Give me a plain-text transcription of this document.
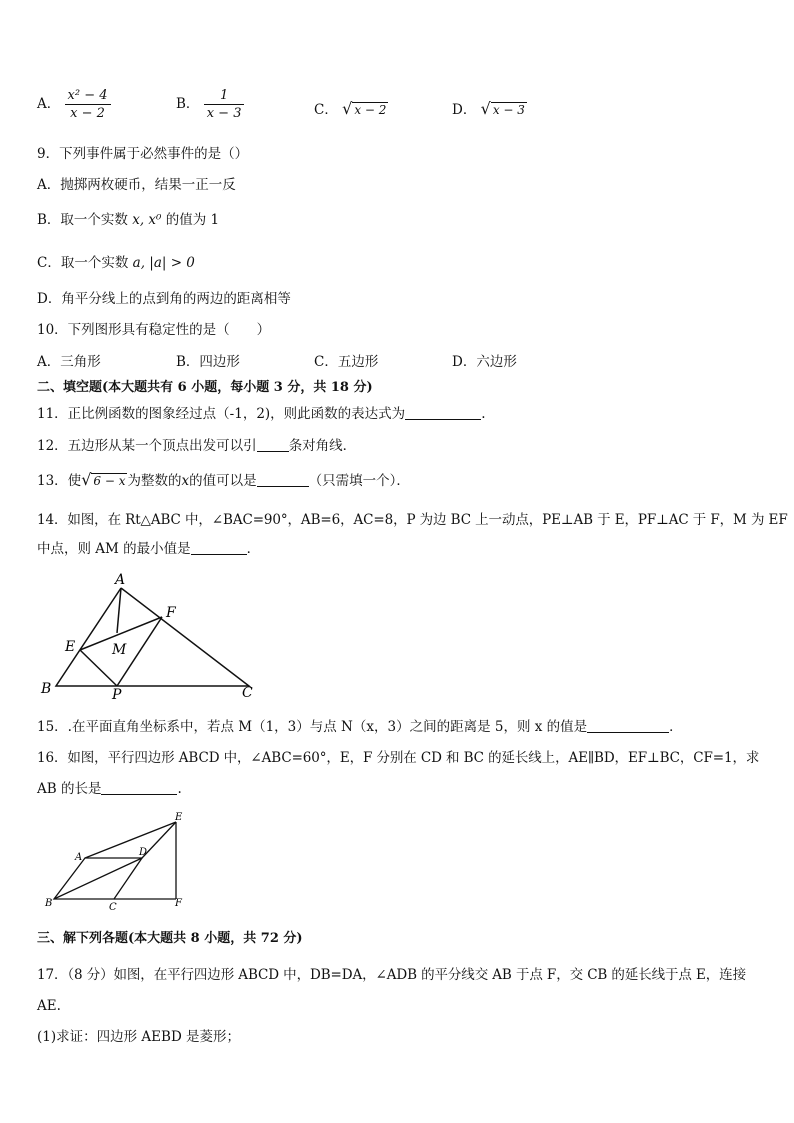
A． $\frac{\text{x² − 4}}{x - 2}$	B． $\frac{1}{x - 3}$	C． √ x − 2	D． √ x − 3
9．下列事件属于必然事件的是（）
A．抛掷两枚硬币，结果一正一反
B．取一个实数 x, x⁰ 的值为 1
C．取一个实数 a, |a| > 0
D．角平分线上的点到角的两边的距离相等
10．下列图形具有稳定性的是（　　）
A．三角形	B．四边形	C．五边形	D．六边形
二、填空题(本大题共有 6 小题，每小题 3 分，共 18 分)
11．正比例函数的图象经过点（-1，2)，则此函数的表达式为	.
12．五边形从某一个顶点出发可以引 条对角线．
13．使√ 6 − x 为整数的x的值可以是	（只需填一个）．
14．如图，在 Rt△ABC 中，∠BAC=90°，AB=6，AC=8，P 为边 BC 上一动点，PE⊥AB 于 E，PF⊥AC 于 F，M 为 EF
中点，则 AM 的最小值是	．
A
B	C
E
F
M
P
15．.在平面直角坐标系中，若点 M（1，3）与点 N（x，3）之间的距离是 5，则 x 的值是	．
16．如图，平行四边形 ABCD 中，∠ABC=60°，E，F 分别在 CD 和 BC 的延长线上，AE∥BD，EF⊥BC，CF=1，求
AB 的长是	.
A
B	C
D
E
F
三、解下列各题(本大题共 8 小题，共 72 分)
17．（8 分）如图，在平行四边形 ABCD 中，DB=DA，∠ADB 的平分线交 AB 于点 F，交 CB 的延长线于点 E，连接
AE.
(1)求证：四边形 AEBD 是菱形；
